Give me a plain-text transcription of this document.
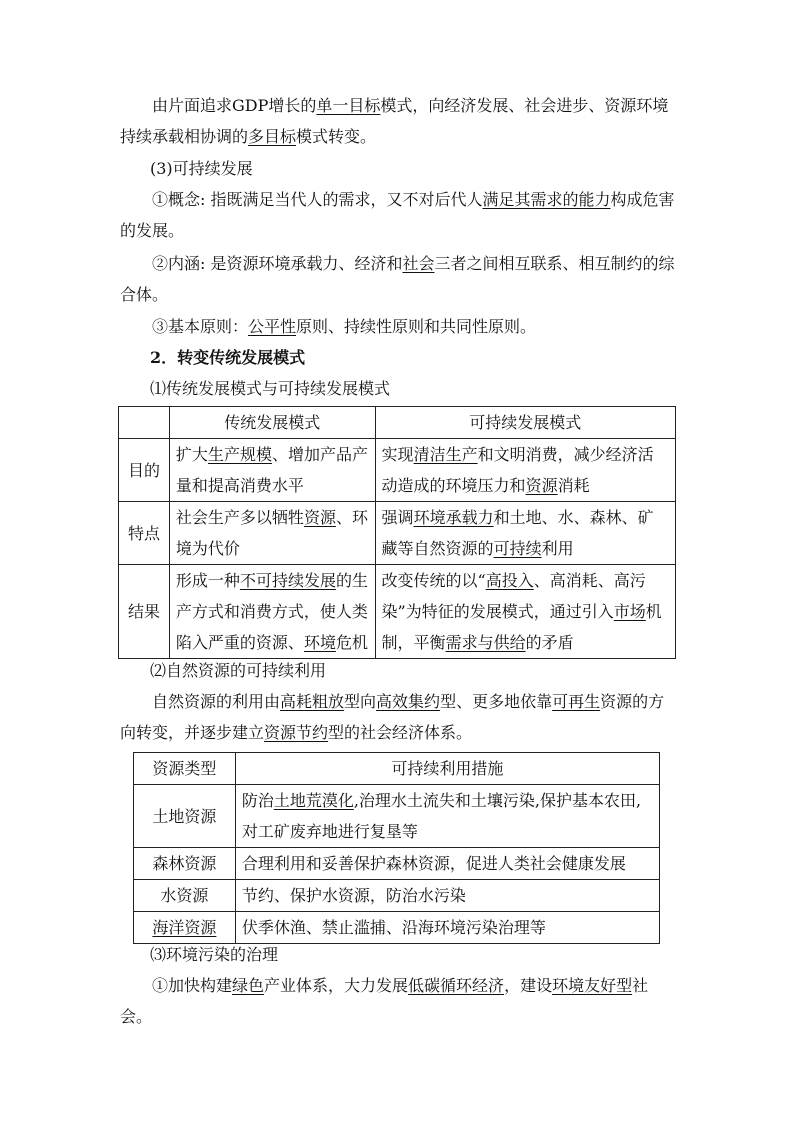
由片面追求GDP增长的单一目标模式，向经济发展、社会进步、资源环境持续承载相协调的多目标模式转变。

(3)可持续发展

①概念: 指既满足当代人的需求，又不对后代人满足其需求的能力构成危害的发展。

②内涵: 是资源环境承载力、经济和社会三者之间相互联系、相互制约的综合体。

③基本原则：公平性原则、持续性原则和共同性原则。

2．转变传统发展模式

⑴传统发展模式与可持续发展模式

	传统发展模式	可持续发展模式
目的	扩大生产规模、增加产品产量和提高消费水平	实现清洁生产和文明消费，减少经济活动造成的环境压力和资源消耗
特点	社会生产多以牺牲资源、环境为代价	强调环境承载力和土地、水、森林、矿藏等自然资源的可持续利用
结果	形成一种不可持续发展的生产方式和消费方式，使人类陷入严重的资源、环境危机	改变传统的以“高投入、高消耗、高污染”为特征的发展模式，通过引入市场机制，平衡需求与供给的矛盾

⑵自然资源的可持续利用

自然资源的利用由高耗粗放型向高效集约型、更多地依靠可再生资源的方向转变，并逐步建立资源节约型的社会经济体系。

资源类型	可持续利用措施
土地资源	防治土地荒漠化,治理水土流失和土壤污染,保护基本农田,对工矿废弃地进行复垦等
森林资源	合理利用和妥善保护森林资源，促进人类社会健康发展
水资源	节约、保护水资源，防治水污染
海洋资源	伏季休渔、禁止滥捕、沿海环境污染治理等

⑶环境污染的治理

①加快构建绿色产业体系，大力发展低碳循环经济，建设环境友好型社会。
